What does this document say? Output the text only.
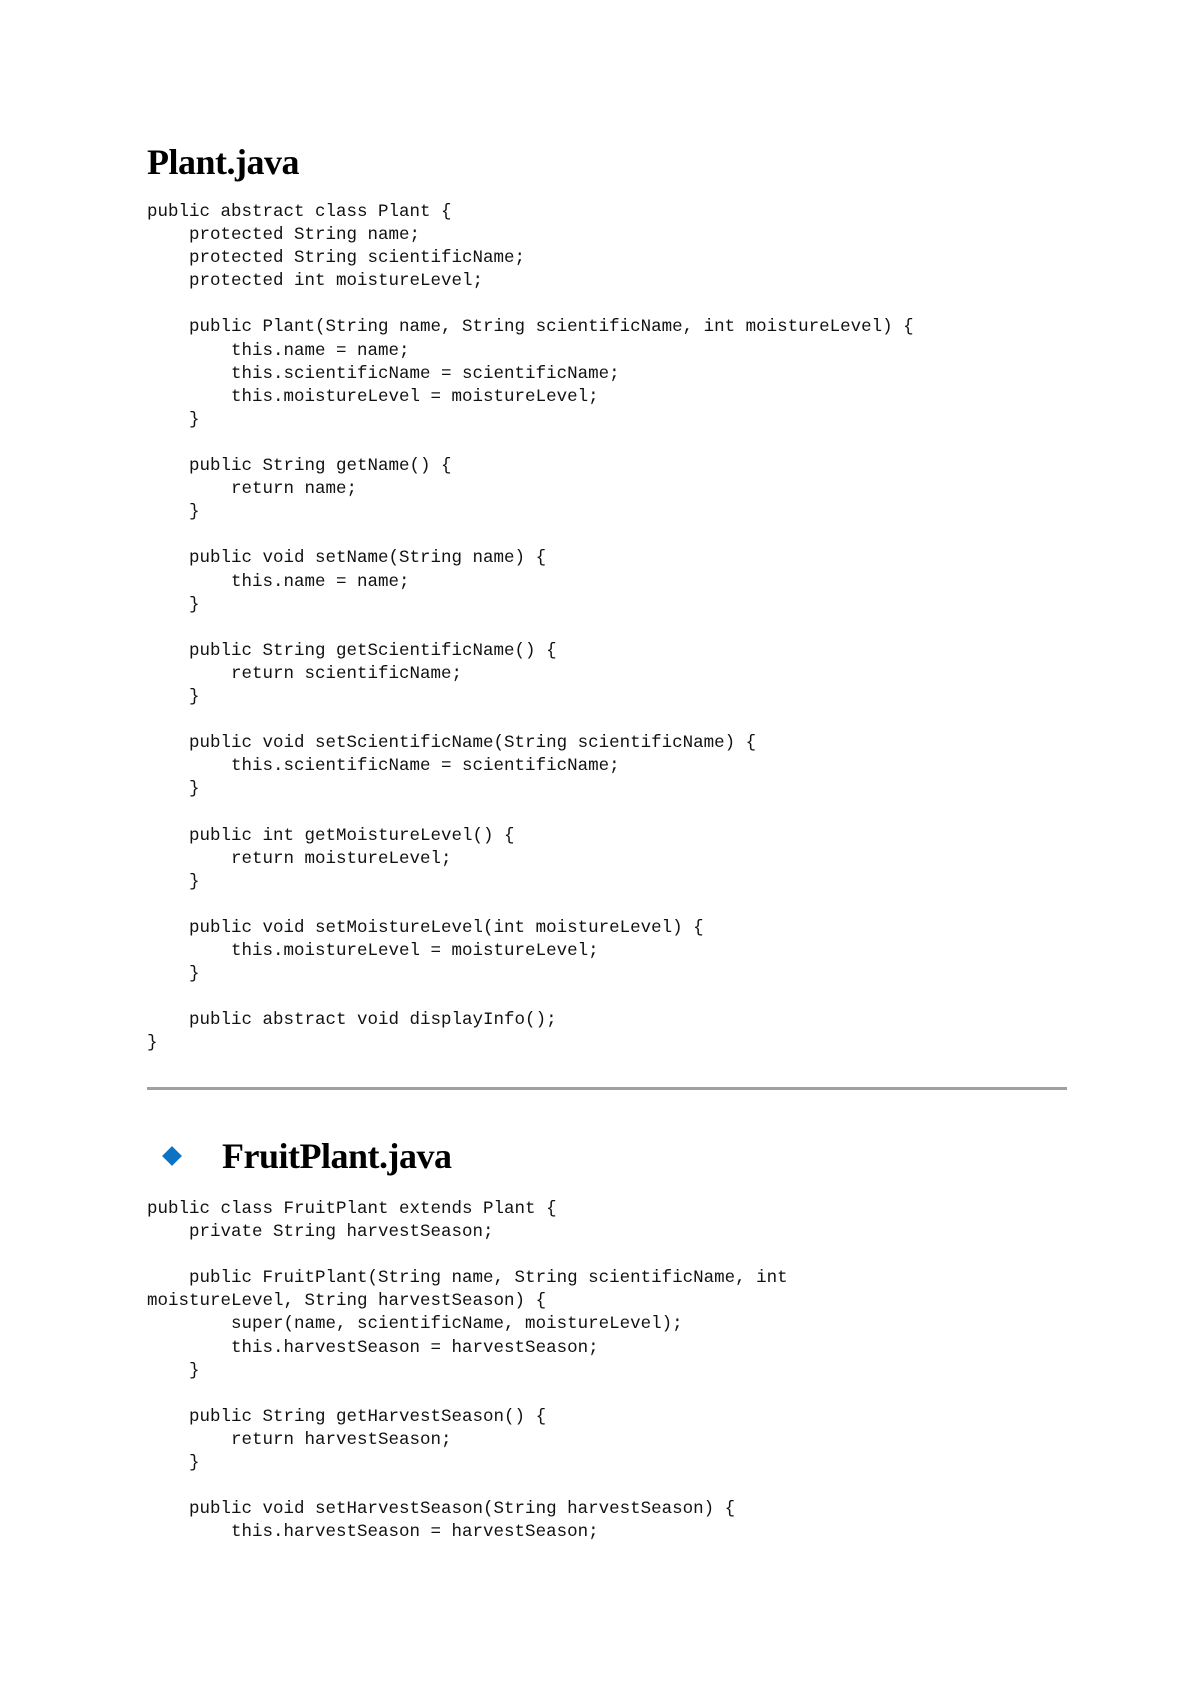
Plant.java
public abstract class Plant {
protected String name;
protected String scientificName;
protected int moistureLevel;

public Plant(String name, String scientificName, int moistureLevel) {
this.name = name;
this.scientificName = scientificName;
this.moistureLevel = moistureLevel;
}

public String getName() {
return name;
}

public void setName(String name) {
this.name = name;
}

public String getScientificName() {
return scientificName;
}

public void setScientificName(String scientificName) {
this.scientificName = scientificName;
}

public int getMoistureLevel() {
return moistureLevel;
}

public void setMoistureLevel(int moistureLevel) {
this.moistureLevel = moistureLevel;
}

public abstract void displayInfo();
}
FruitPlant.java
public class FruitPlant extends Plant {
private String harvestSeason;

public FruitPlant(String name, String scientificName, int
moistureLevel, String harvestSeason) {
super(name, scientificName, moistureLevel);
this.harvestSeason = harvestSeason;
}

public String getHarvestSeason() {
return harvestSeason;
}

public void setHarvestSeason(String harvestSeason) {
this.harvestSeason = harvestSeason;
